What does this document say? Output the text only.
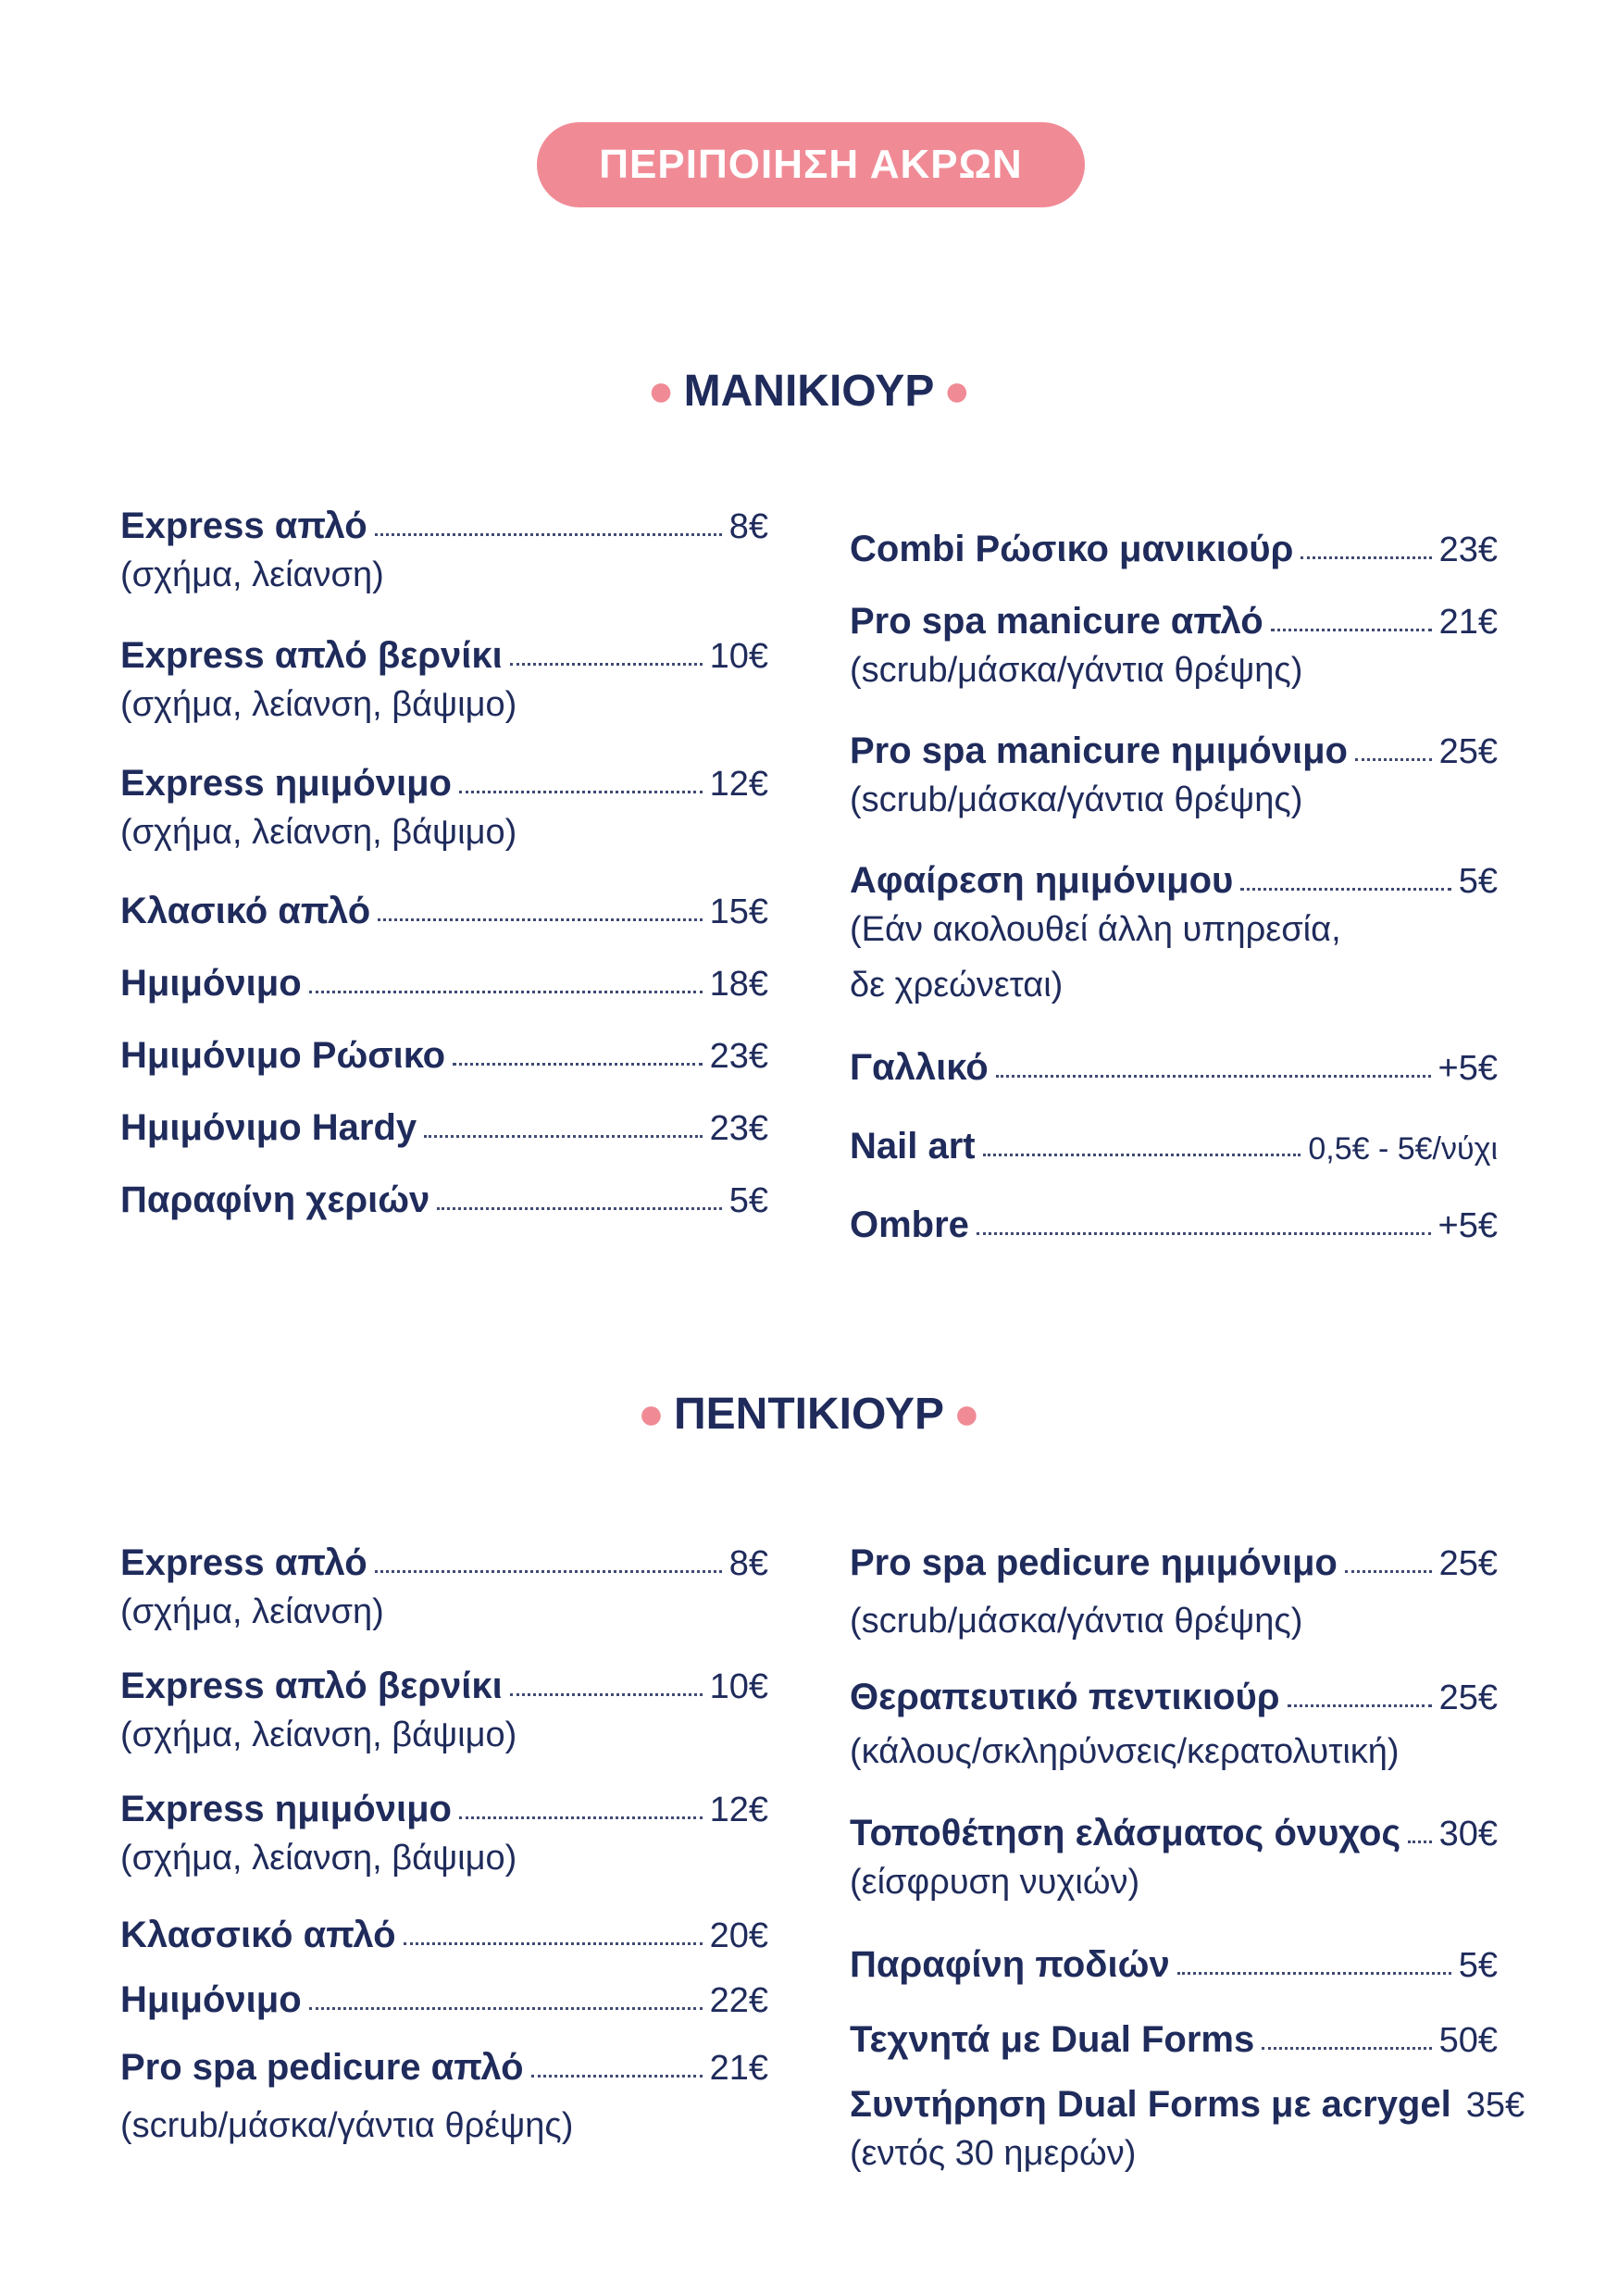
ΠΕΡΙΠΟΙΗΣΗ ΑΚΡΩΝ
● ΜΑΝΙΚΙΟΥΡ ●
Express απλό	8€
(σχήμα, λείανση)
Express απλό βερνίκι	10€
(σχήμα, λείανση, βάψιμο)
Express ημιμόνιμο	12€
(σχήμα, λείανση, βάψιμο)
Κλασικό απλό	15€
Ημιμόνιμο	18€
Ημιμόνιμο Ρώσικο	23€
Ημιμόνιμο Hardy	23€
Παραφίνη χεριών	5€
Combi Ρώσικο μανικιούρ	23€
Pro spa manicure απλό	21€
(scrub/μάσκα/γάντια θρέψης)
Pro spa manicure ημιμόνιμο	25€
(scrub/μάσκα/γάντια θρέψης)
Αφαίρεση ημιμόνιμου	5€
(Εάν ακολουθεί άλλη υπηρεσία,
δε χρεώνεται)
Γαλλικό	+5€
Nail art	0,5€ - 5€/νύχι
Ombre	+5€
● ΠΕΝΤΙΚΙΟΥΡ ●
Express απλό	8€
(σχήμα, λείανση)
Express απλό βερνίκι	10€
(σχήμα, λείανση, βάψιμο)
Express ημιμόνιμο	12€
(σχήμα, λείανση, βάψιμο)
Κλασσικό απλό	20€
Ημιμόνιμο	22€
Pro spa pedicure απλό	21€
(scrub/μάσκα/γάντια θρέψης)
Pro spa pedicure ημιμόνιμο	25€
(scrub/μάσκα/γάντια θρέψης)
Θεραπευτικό πεντικιούρ	25€
(κάλους/σκληρύνσεις/κερατολυτική)
Τοποθέτηση ελάσματος όνυχος 30€
(είσφρυση νυχιών)
Παραφίνη ποδιών	5€
Τεχνητά με Dual Forms	50€
Συντήρηση Dual Forms με acrygel 35€
(εντός 30 ημερών)
